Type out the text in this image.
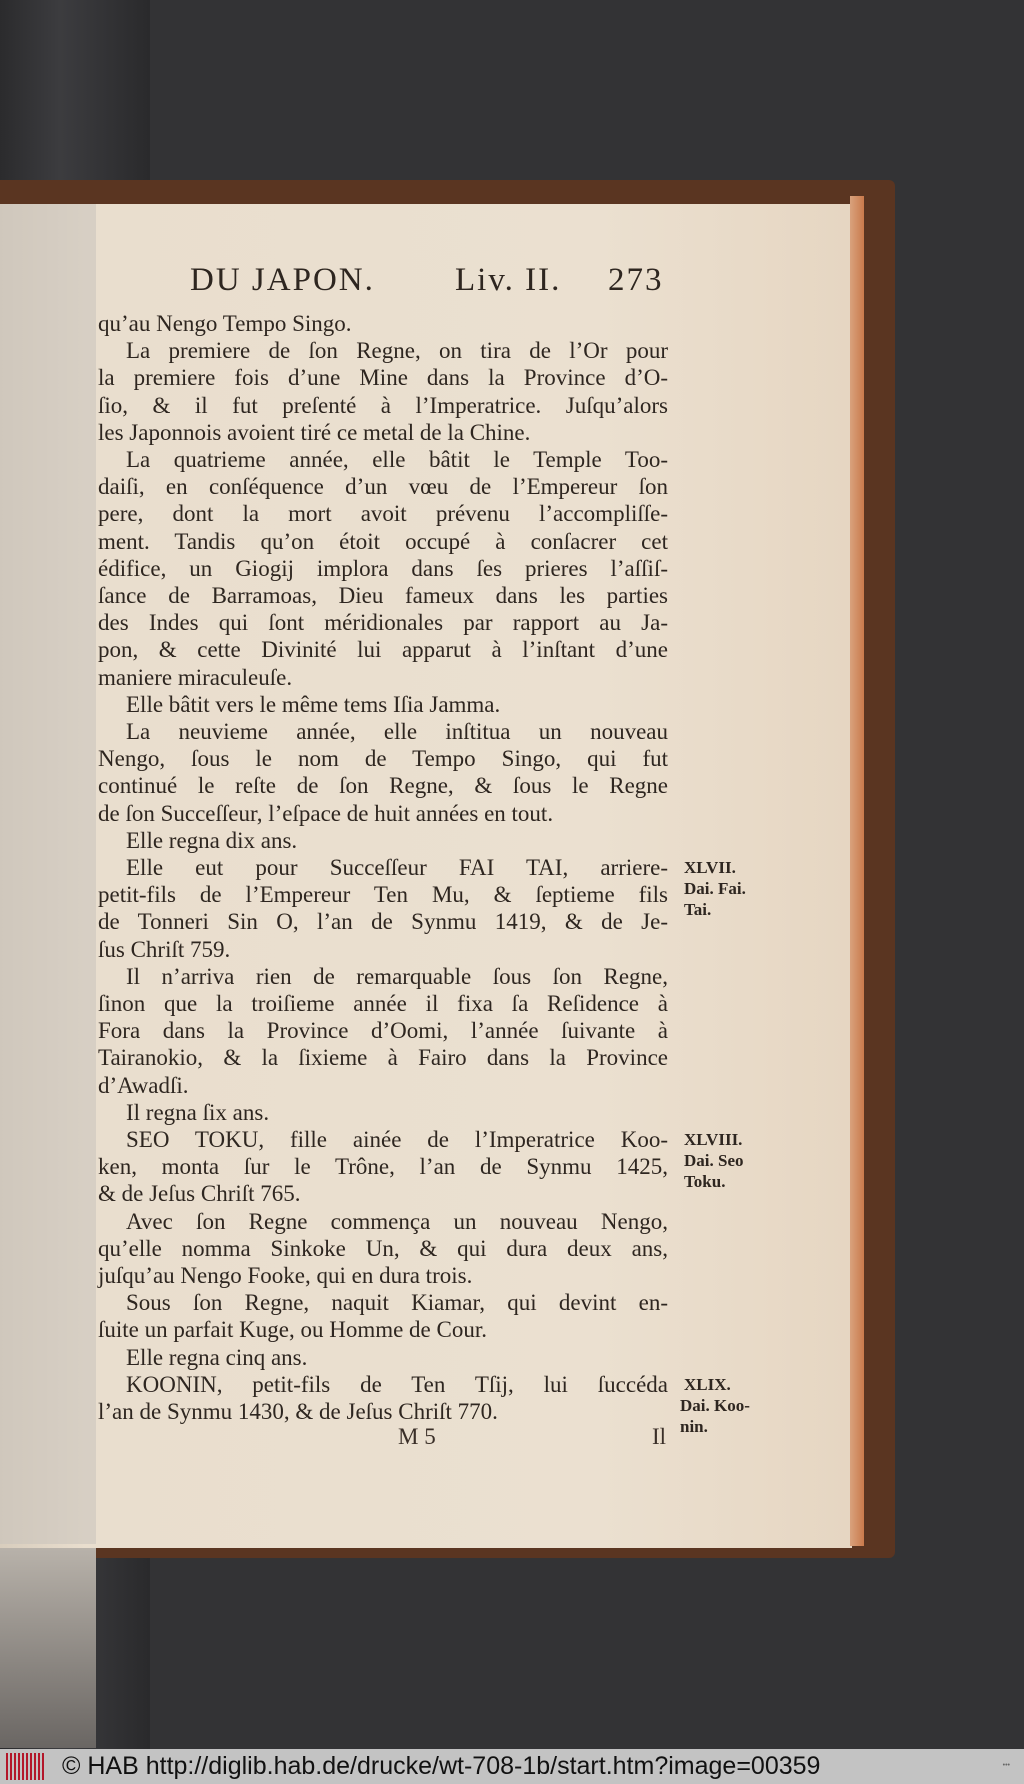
DU JAPON. Liv. II. 273
qu’au Nengo Tempo Singo.
La premiere de ſon Regne, on tira de l’Or pour
la premiere fois d’une Mine dans la Province d’O-
ſio, & il fut preſenté à l’Imperatrice. Juſqu’alors
les Japonnois avoient tiré ce metal de la Chine.
La quatrieme année, elle bâtit le Temple Too-
daiſi, en conſéquence d’un vœu de l’Empereur ſon
pere, dont la mort avoit prévenu l’accompliſſe-
ment. Tandis qu’on étoit occupé à conſacrer cet
édifice, un Giogij implora dans ſes prieres l’aſſiſ-
ſance de Barramoas, Dieu fameux dans les parties
des Indes qui ſont méridionales par rapport au Ja-
pon, & cette Divinité lui apparut à l’inſtant d’une
maniere miraculeuſe.
Elle bâtit vers le même tems Iſia Jamma.
La neuvieme année, elle inſtitua un nouveau
Nengo, ſous le nom de Tempo Singo, qui fut
continué le reſte de ſon Regne, & ſous le Regne
de ſon Succeſſeur, l’eſpace de huit années en tout.
Elle regna dix ans.
Elle eut pour Succeſſeur FAI TAI, arriere-
petit-fils de l’Empereur Ten Mu, & ſeptieme fils
de Tonneri Sin O, l’an de Synmu 1419, & de Je-
ſus Chriſt 759.
Il n’arriva rien de remarquable ſous ſon Regne,
ſinon que la troiſieme année il fixa ſa Reſidence à
Fora dans la Province d’Oomi, l’année ſuivante à
Tairanokio, & la ſixieme à Fairo dans la Province
d’Awadſi.
Il regna ſix ans.
SEO TOKU, fille ainée de l’Imperatrice Koo-
ken, monta ſur le Trône, l’an de Synmu 1425,
& de Jeſus Chriſt 765.
Avec ſon Regne commença un nouveau Nengo,
qu’elle nomma Sinkoke Un, & qui dura deux ans,
juſqu’au Nengo Fooke, qui en dura trois.
Sous ſon Regne, naquit Kiamar, qui devint en-
ſuite un parfait Kuge, ou Homme de Cour.
Elle regna cinq ans.
KOONIN, petit-fils de Ten Tſij, lui ſuccéda
l’an de Synmu 1430, & de Jeſus Chriſt 770.
XLVII.
Dai. Fai.
Tai.
XLVIII.
Dai. Seo
Toku.
XLIX.
Dai. Koo-
nin.
M 5	Il
© HAB http://diglib.hab.de/drucke/wt-708-1b/start.htm?image=00359	•••
